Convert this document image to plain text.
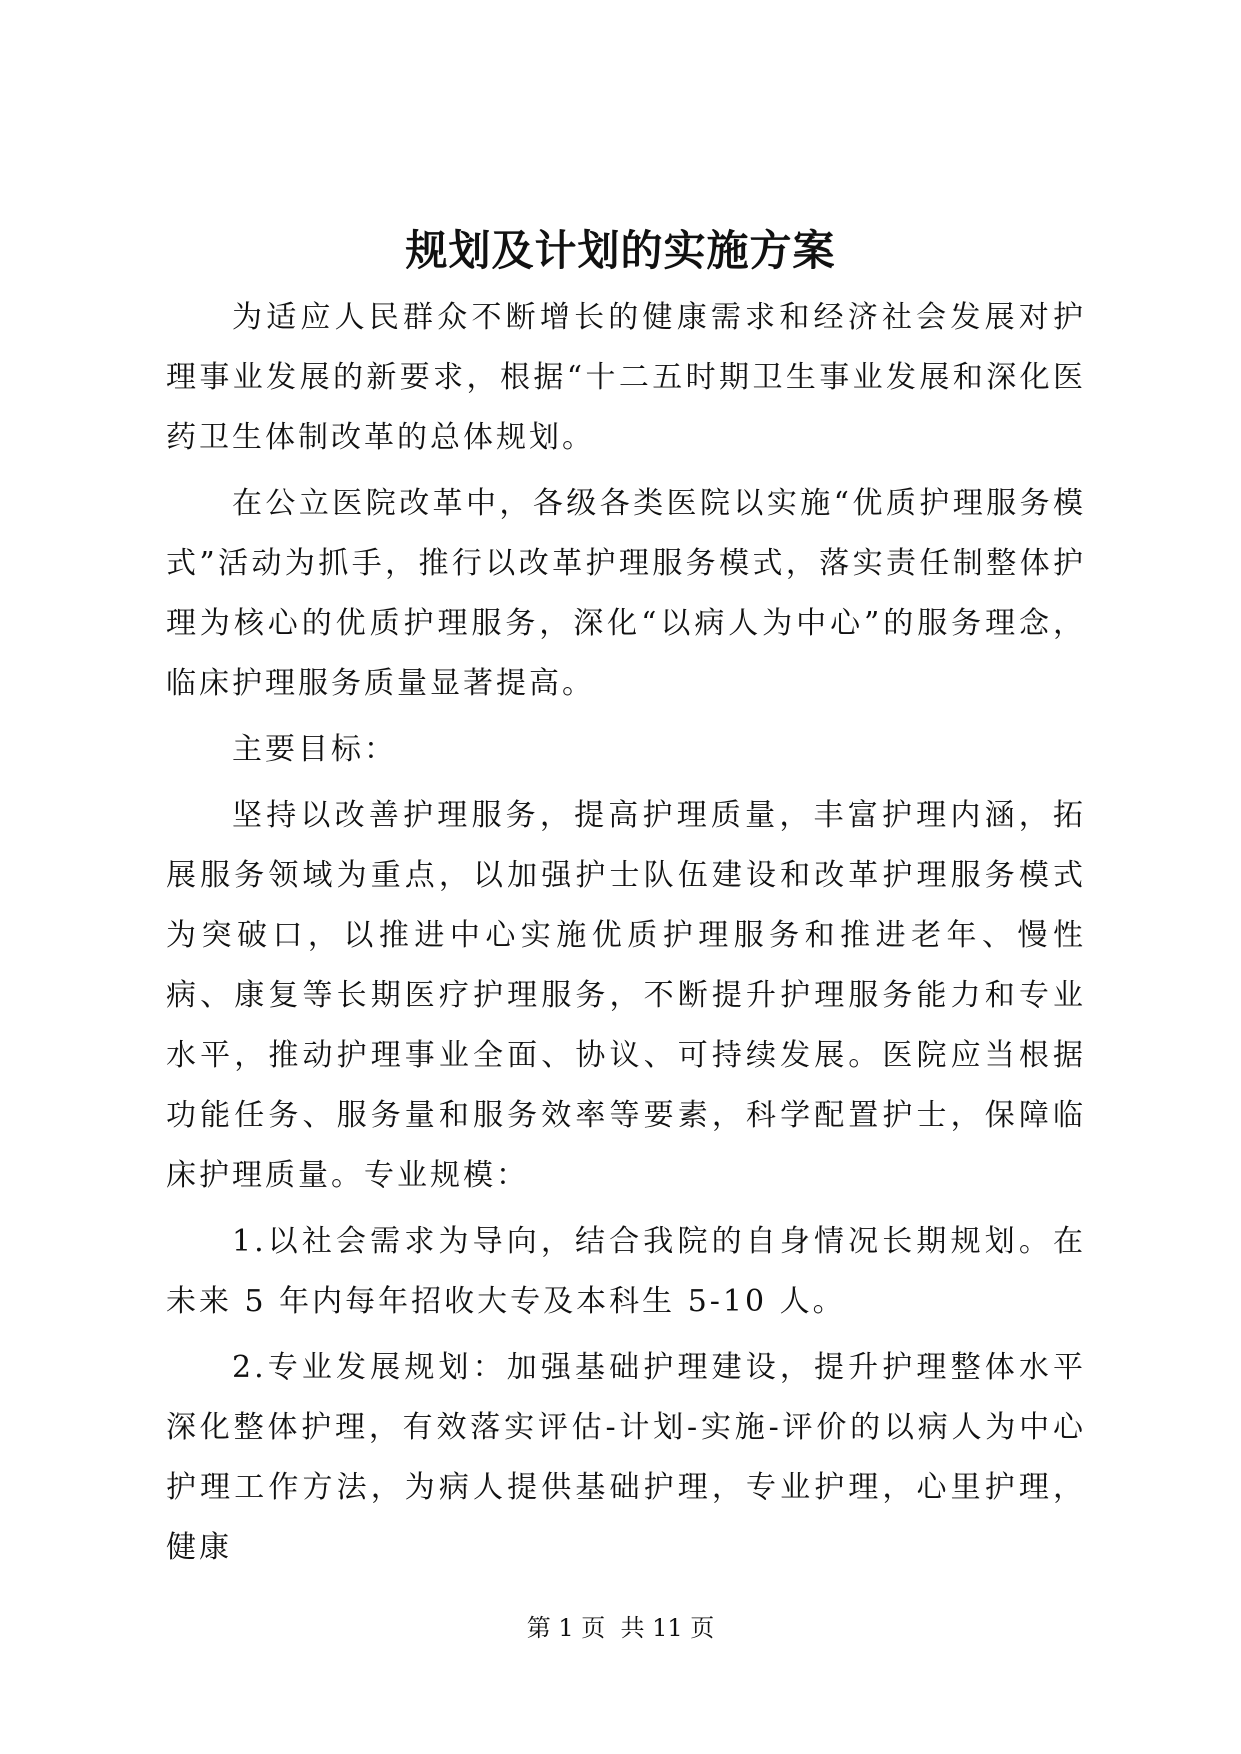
规划及计划的实施方案

为适应人民群众不断增长的健康需求和经济社会发展对护理事业发展的新要求，根据“十二五时期卫生事业发展和深化医药卫生体制改革的总体规划。

在公立医院改革中，各级各类医院以实施“优质护理服务模式”活动为抓手，推行以改革护理服务模式，落实责任制整体护理为核心的优质护理服务，深化“以病人为中心”的服务理念，临床护理服务质量显著提高。

主要目标：

坚持以改善护理服务，提高护理质量，丰富护理内涵，拓展服务领域为重点，以加强护士队伍建设和改革护理服务模式为突破口，以推进中心实施优质护理服务和推进老年、慢性病、康复等长期医疗护理服务，不断提升护理服务能力和专业水平，推动护理事业全面、协议、可持续发展。医院应当根据功能任务、服务量和服务效率等要素，科学配置护士，保障临床护理质量。专业规模：

1.以社会需求为导向，结合我院的自身情况长期规划。在未来 5 年内每年招收大专及本科生 5-10 人。

2.专业发展规划：加强基础护理建设，提升护理整体水平深化整体护理，有效落实评估-计划-实施-评价的以病人为中心护理工作方法，为病人提供基础护理，专业护理，心里护理，健康

第 1 页  共 11 页
